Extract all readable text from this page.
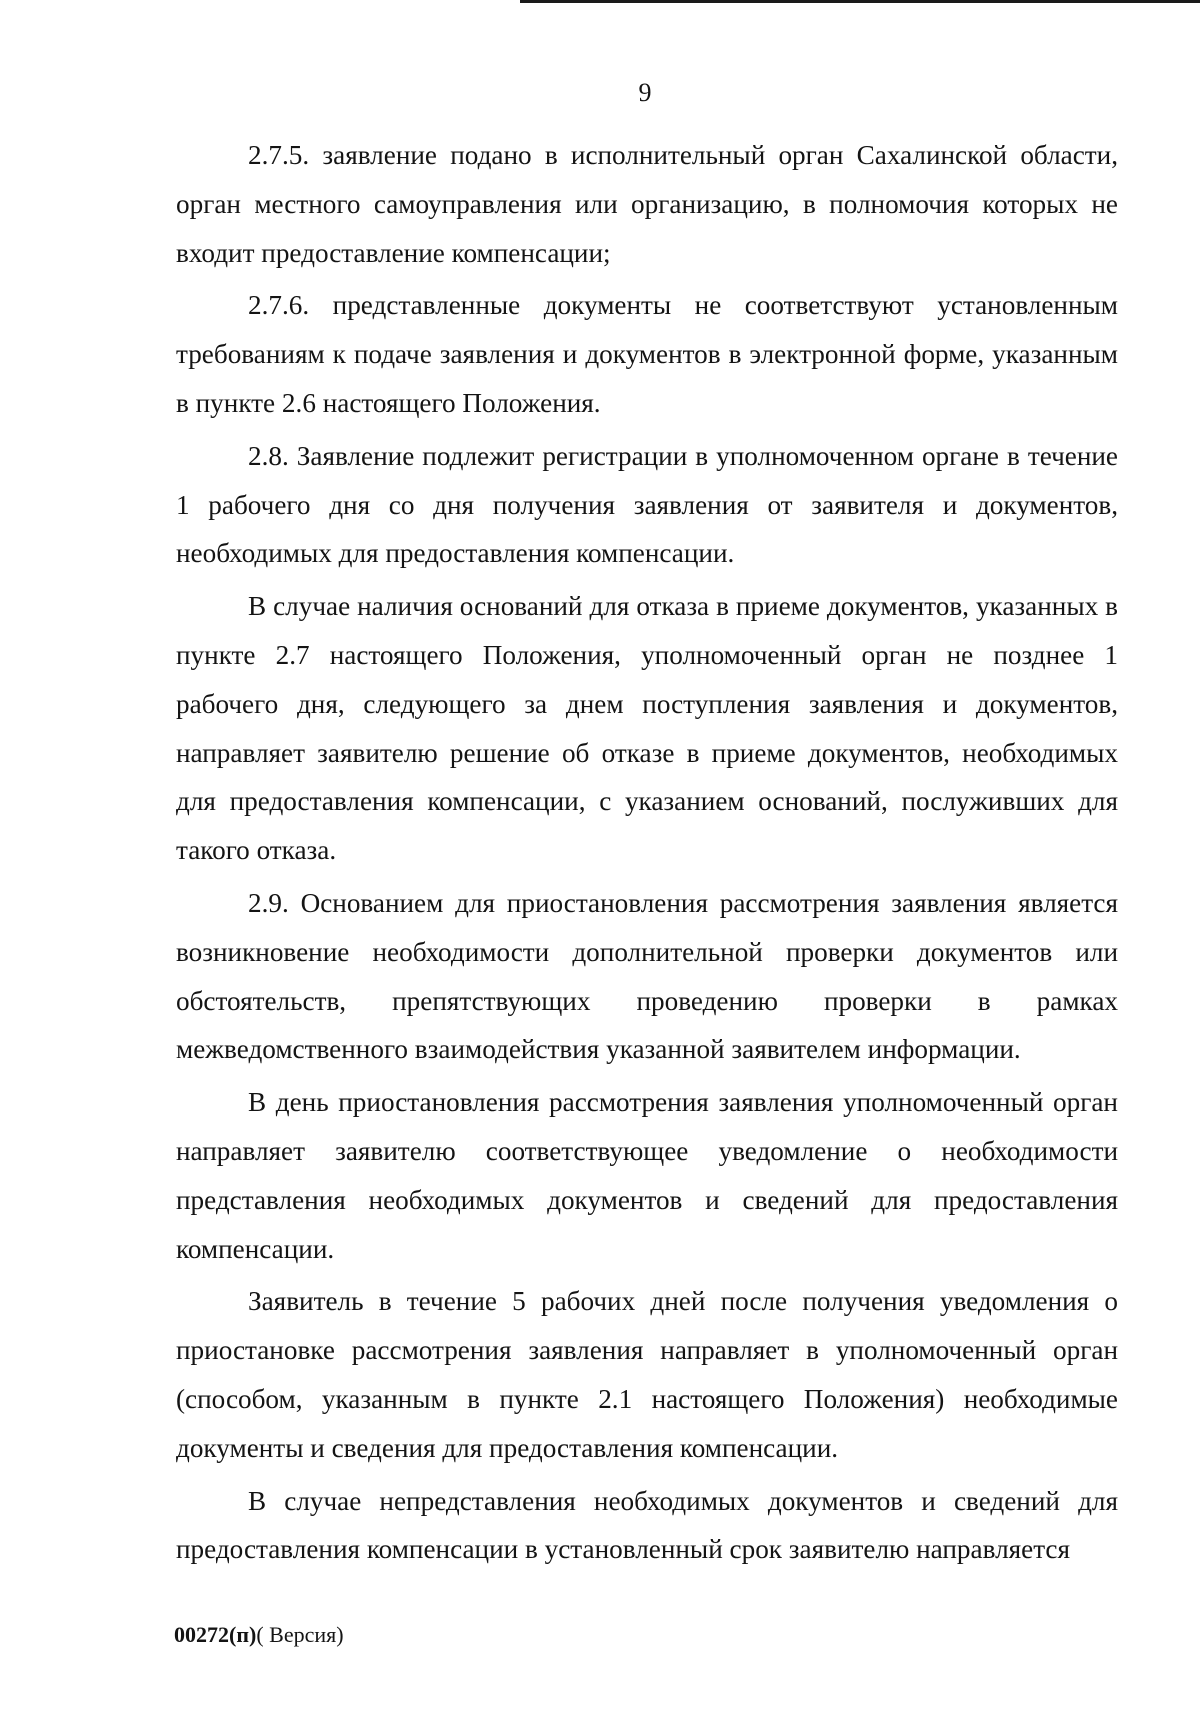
9

2.7.5. заявление подано в исполнительный орган Сахалинской области, орган местного самоуправления или организацию, в полномочия которых не входит предоставление компенсации;

2.7.6. представленные документы не соответствуют установленным требованиям к подаче заявления и документов в электронной форме, указанным в пункте 2.6 настоящего Положения.

2.8. Заявление подлежит регистрации в уполномоченном органе в течение 1 рабочего дня со дня получения заявления от заявителя и документов, необходимых для предоставления компенсации.

В случае наличия оснований для отказа в приеме документов, указанных в пункте 2.7 настоящего Положения, уполномоченный орган не позднее 1 рабочего дня, следующего за днем поступления заявления и документов, направляет заявителю решение об отказе в приеме документов, необходимых для предоставления компенсации, с указанием оснований, послуживших для такого отказа.

2.9. Основанием для приостановления рассмотрения заявления является возникновение необходимости дополнительной проверки документов или обстоятельств, препятствующих проведению проверки в рамках межведомственного взаимодействия указанной заявителем информации.

В день приостановления рассмотрения заявления уполномоченный орган направляет заявителю соответствующее уведомление о необходимости представления необходимых документов и сведений для предоставления компенсации.

Заявитель в течение 5 рабочих дней после получения уведомления о приостановке рассмотрения заявления направляет в уполномоченный орган (способом, указанным в пункте 2.1 настоящего Положения) необходимые документы и сведения для предоставления компенсации.

В случае непредставления необходимых документов и сведений для предоставления компенсации в установленный срок заявителю направляется

00272(п)( Версия)
